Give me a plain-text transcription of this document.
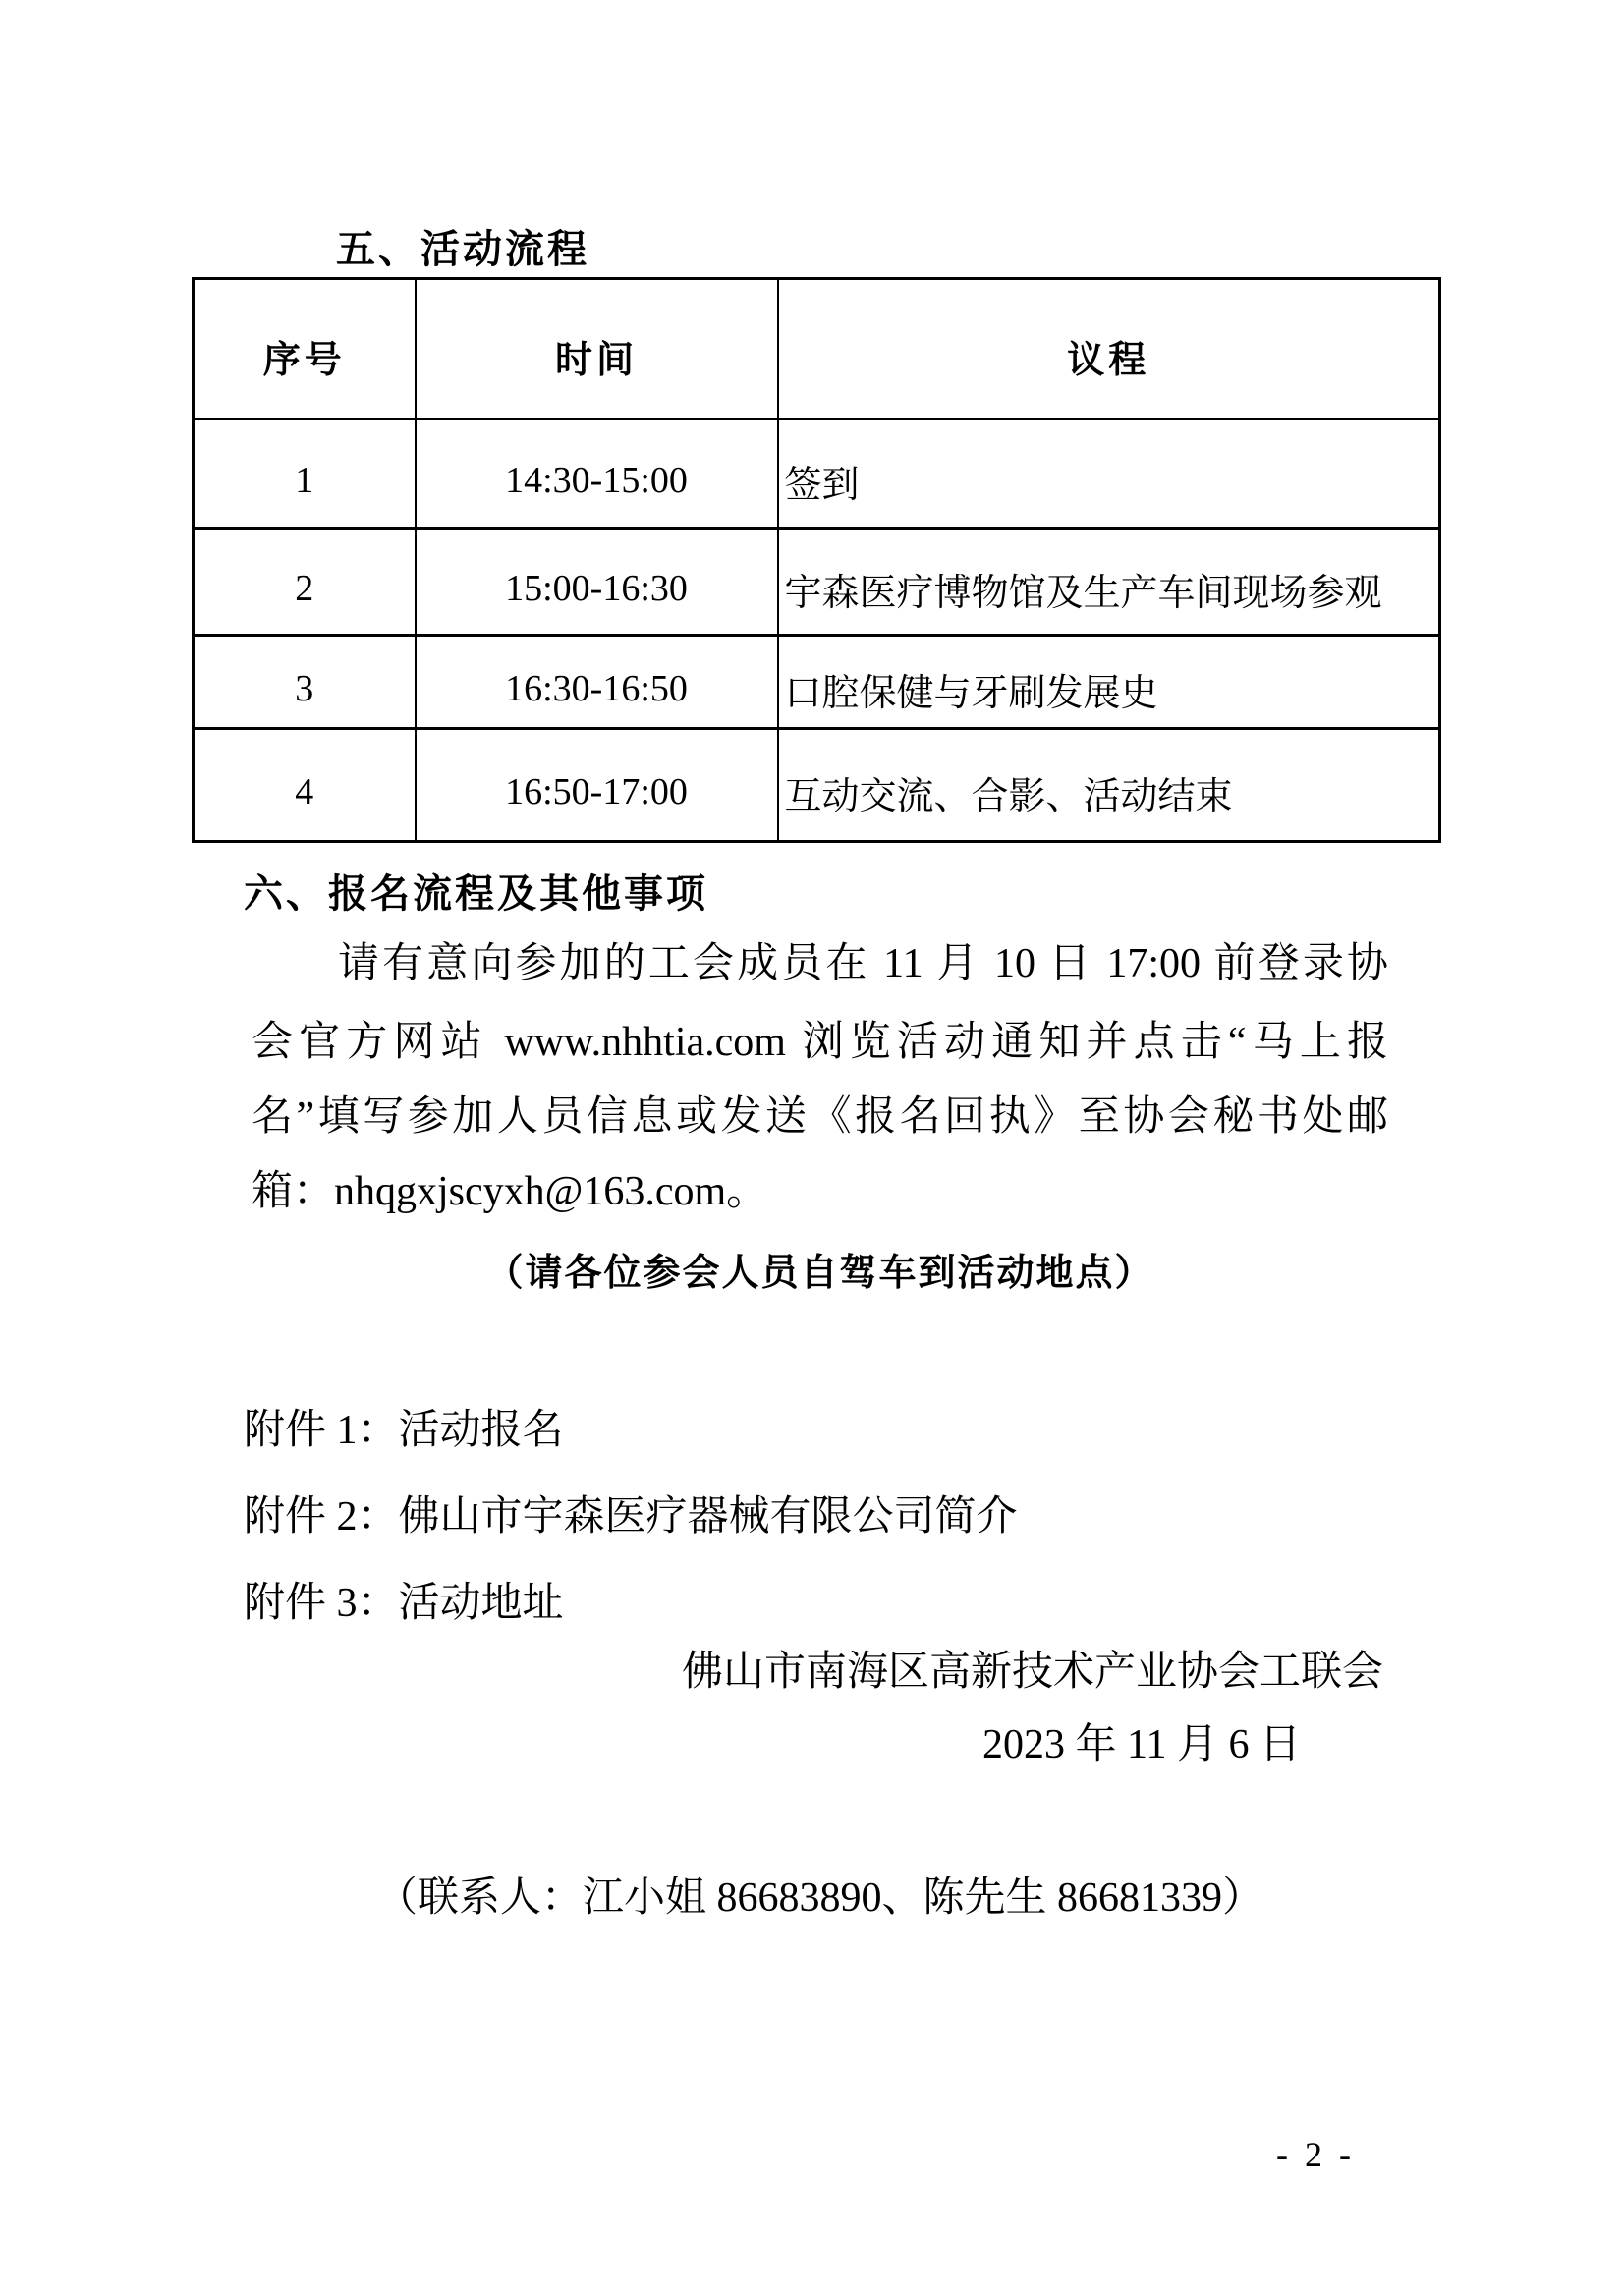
五、活动流程
序号	时间	议程
1	14:30-15:00	签到
2	15:00-16:30	宇森医疗博物馆及生产车间现场参观
3	16:30-16:50	口腔保健与牙刷发展史
4	16:50-17:00	互动交流、合影、活动结束
六、报名流程及其他事项
请有意向参加的工会成员在 11 月 10 日 17:00 前登录协
会官方网站 www.nhhtia.com 浏览活动通知并点击“马上报
名”填写参加人员信息或发送《报名回执》至协会秘书处邮
箱：nhqgxjscyxh@163.com。
（请各位参会人员自驾车到活动地点）
附件 1：活动报名
附件 2：佛山市宇森医疗器械有限公司简介
附件 3：活动地址
佛山市南海区高新技术产业协会工联会
2023 年 11 月 6 日
（联系人：江小姐 86683890、陈先生 86681339）
- 2 -
